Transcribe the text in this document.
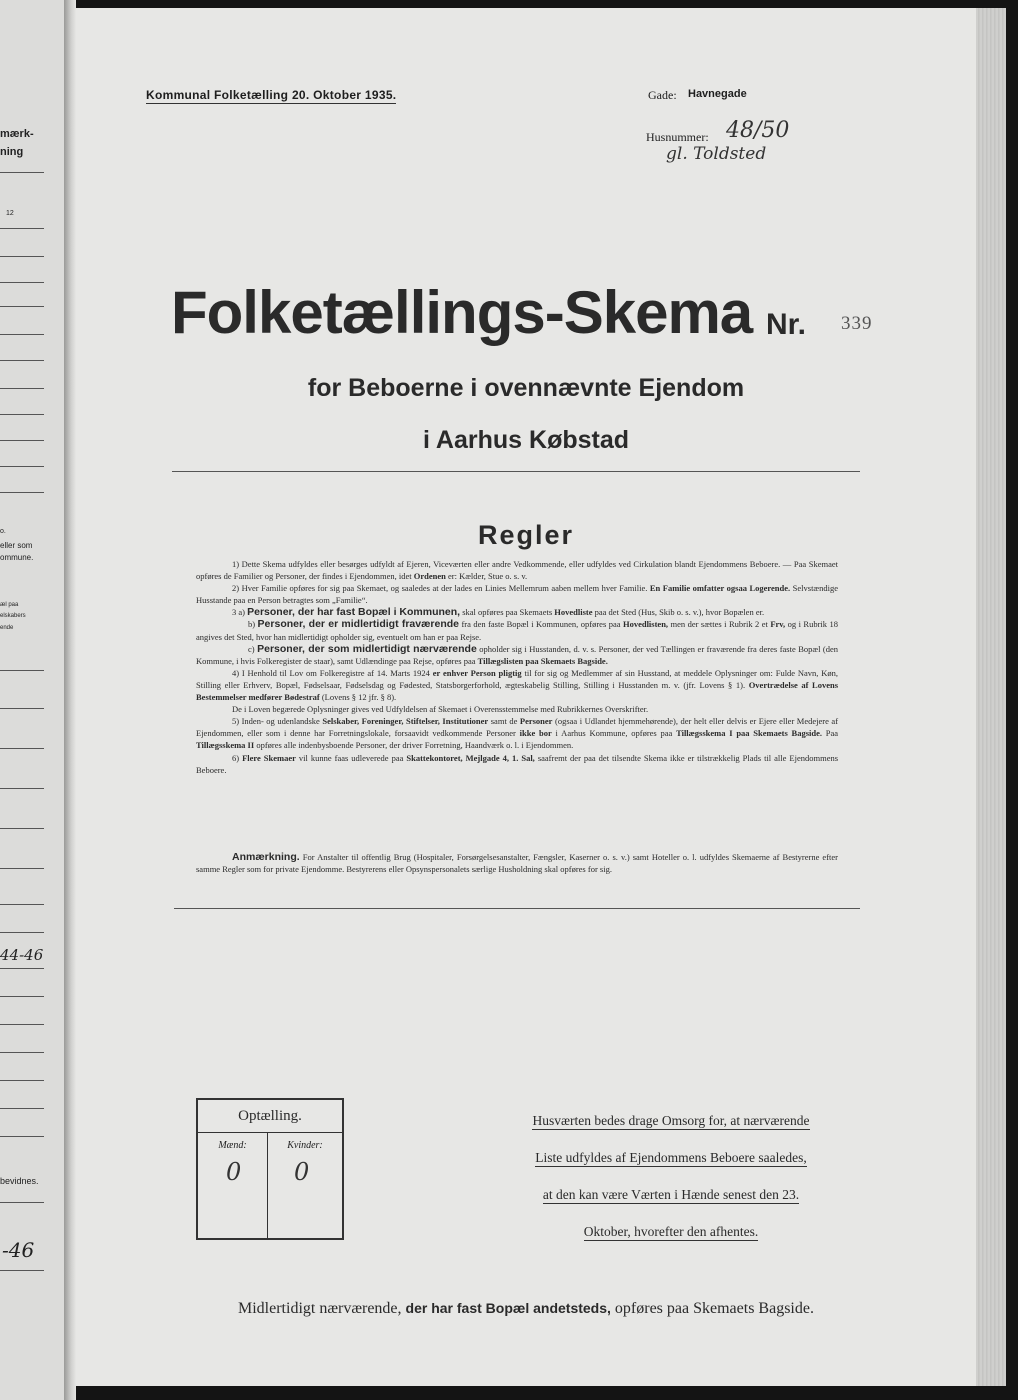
mærk-
ning
12
o.
eller som
ommune.
æl paa
elskabers
ende
44-46
bevidnes.
-46
Kommunal Folketælling 20. Oktober 1935.	Gade: Havnegade
Husnummer: 48/50
gl. Toldsted
Folketællings-Skema Nr. 339
for Beboerne i ovennævnte Ejendom
i Aarhus Købstad
Regler

1) Dette Skema udfyldes eller besørges udfyldt af Ejeren, Viceværten eller andre Vedkommende, eller udfyldes ved Cirkulation blandt Ejendommens Beboere. — Paa Skemaet opføres de Familier og Personer, der findes i Ejendommen, idet Ordenen er: Kælder, Stue o. s. v.

2) Hver Familie opføres for sig paa Skemaet, og saaledes at der lades en Linies Mellemrum aaben mellem hver Familie. En Familie omfatter ogsaa Logerende. Selvstændige Husstande paa en Person betragtes som „Familie“.

3 a) Personer, der har fast Bopæl i Kommunen, skal opføres paa Skemaets Hovedliste paa det Sted (Hus, Skib o. s. v.), hvor Bopælen er.

b) Personer, der er midlertidigt fraværende fra den faste Bopæl i Kommunen, opføres paa Hovedlisten, men der sættes i Rubrik 2 et Frv, og i Rubrik 18 angives det Sted, hvor han midlertidigt opholder sig, eventuelt om han er paa Rejse.

c) Personer, der som midlertidigt nærværende opholder sig i Husstanden, d. v. s. Personer, der ved Tællingen er fraværende fra deres faste Bopæl (den Kommune, i hvis Folkeregister de staar), samt Udlændinge paa Rejse, opføres paa Tillægslisten paa Skemaets Bagside.

4) I Henhold til Lov om Folkeregistre af 14. Marts 1924 er enhver Person pligtig til for sig og Medlemmer af sin Husstand, at meddele Oplysninger om: Fulde Navn, Køn, Stilling eller Erhverv, Bopæl, Fødselsaar, Fødselsdag og Fødested, Statsborgerforhold, ægteskabelig Stilling, Stilling i Husstanden m. v. (jfr. Lovens § 1). Overtrædelse af Lovens Bestemmelser medfører Bødestraf (Lovens § 12 jfr. § 8).

De i Loven begærede Oplysninger gives ved Udfyldelsen af Skemaet i Overensstemmelse med Rubrikkernes Overskrifter.

5) Inden- og udenlandske Selskaber, Foreninger, Stiftelser, Institutioner samt de Personer (ogsaa i Udlandet hjemmehørende), der helt eller delvis er Ejere eller Medejere af Ejendommen, eller som i denne har Forretningslokale, forsaavidt vedkommende Personer ikke bor i Aarhus Kommune, opføres paa Tillægsskema I paa Skemaets Bagside. Paa Tillægsskema II opføres alle indenbysboende Personer, der driver Forretning, Haandværk o. l. i Ejendommen.

6) Flere Skemaer vil kunne faas udleverede paa Skattekontoret, Mejlgade 4, 1. Sal, saafremt der paa det tilsendte Skema ikke er tilstrækkelig Plads til alle Ejendommens Beboere.

Anmærkning. For Anstalter til offentlig Brug (Hospitaler, Forsørgelsesanstalter, Fængsler, Kaserner o. s. v.) samt Hoteller o. l. udfyldes Skemaerne af Bestyrerne efter samme Regler som for private Ejendomme. Bestyrerens eller Opsynspersonalets særlige Husholdning skal opføres for sig.

Optælling.
Mænd:	Kvinder:
0 0
Husværten bedes drage Omsorg for, at nærværende
Liste udfyldes af Ejendommens Beboere saaledes,
at den kan være Værten i Hænde senest den 23.
Oktober, hvorefter den afhentes.
Midlertidigt nærværende, der har fast Bopæl andetsteds, opføres paa Skemaets Bagside.
